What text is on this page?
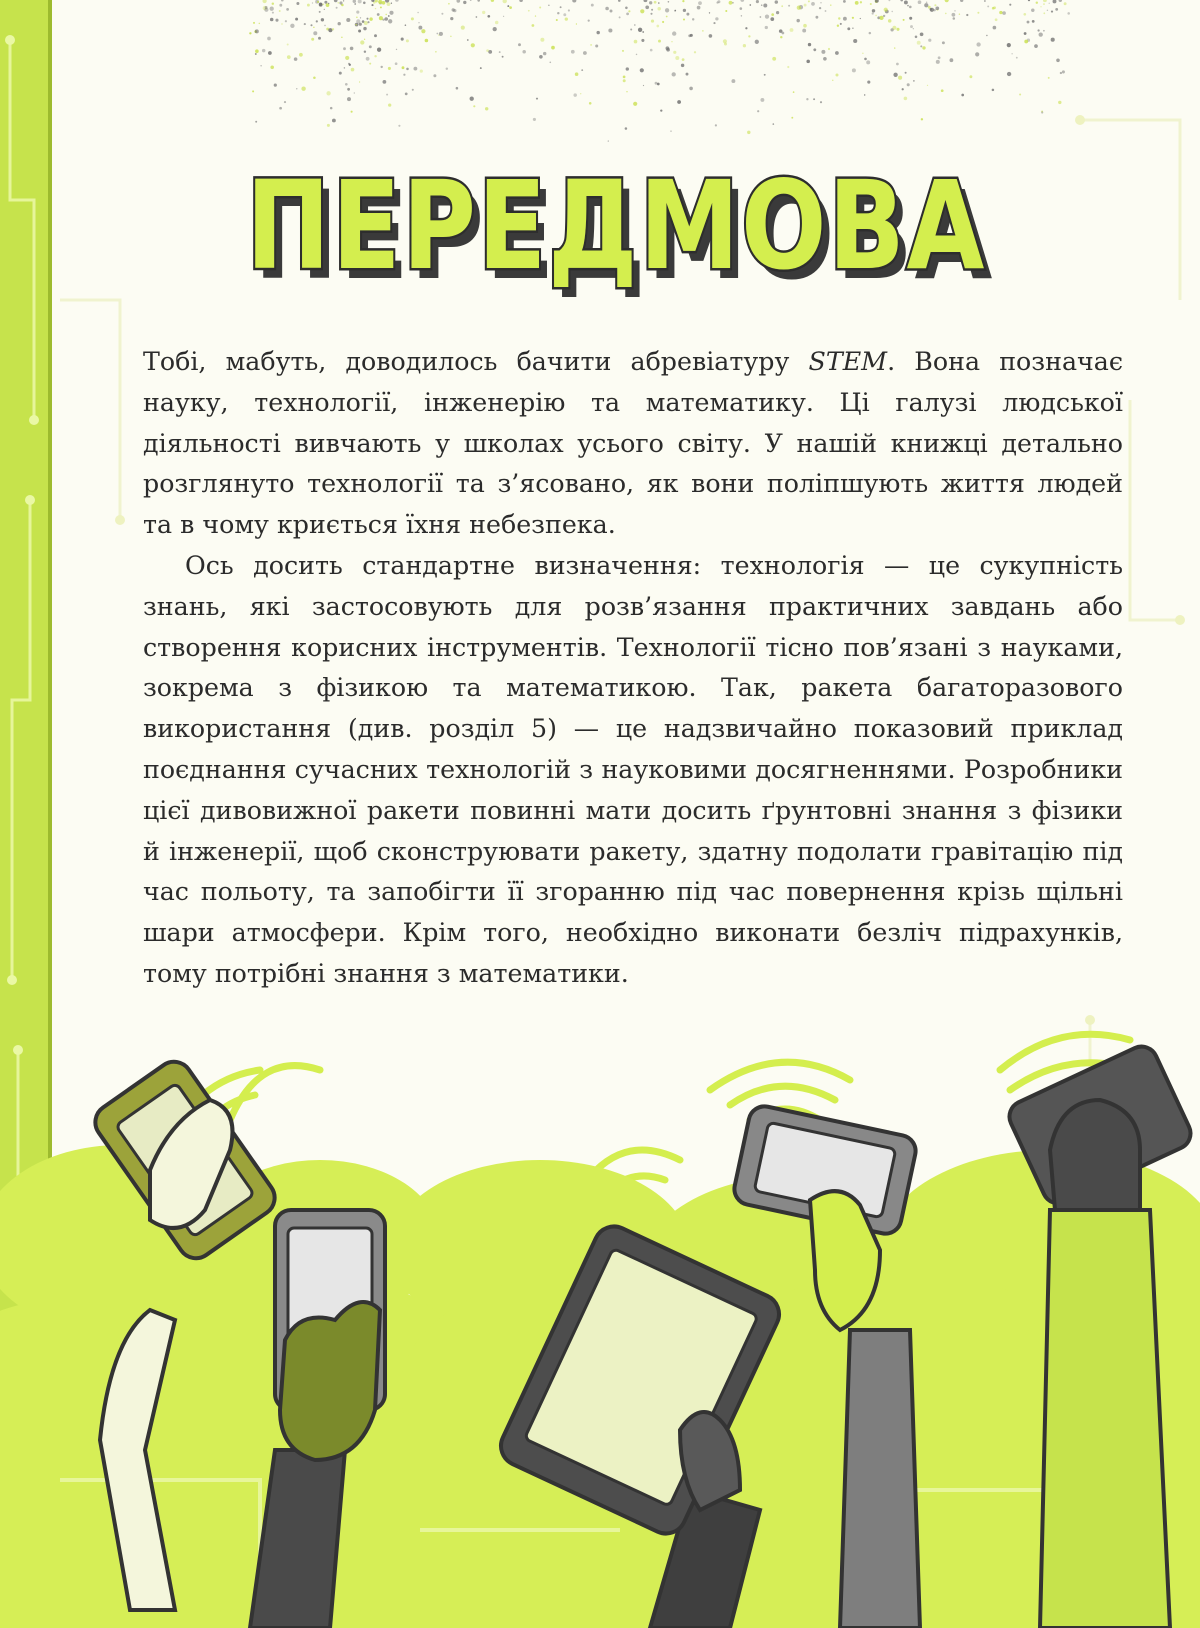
ПЕРЕДМОВА
ПЕРЕДМОВА

Тобі, мабуть, доводилось бачити абревіатуру STEM. Вона позначає науку, технології, інженерію та математику. Ці галузі людської діяльності вивчають у школах усього світу. У нашій книжці детально розглянуто технології та з’ясовано, як вони поліпшують життя людей та в чому криється їхня небезпека.

Ось досить стандартне визначення: технологія — це сукупність знань, які застосовують для розв’язання практичних завдань або створення корисних інструментів. Технології тісно пов’язані з науками, зокрема з фізикою та математикою. Так, ракета багаторазового використання (див. розділ 5) — це надзвичайно показовий приклад поєднання сучасних технологій з науковими досягненнями. Розробники цієї дивовижної ракети повинні мати досить ґрунтовні знання з фізики й інженерії, щоб сконструювати ракету, здатну подолати гравітацію під час польоту, та запобігти її згоранню під час повернення крізь щільні шари атмосфери. Крім того, необхідно виконати безліч підрахунків, тому потрібні знання з математики.
